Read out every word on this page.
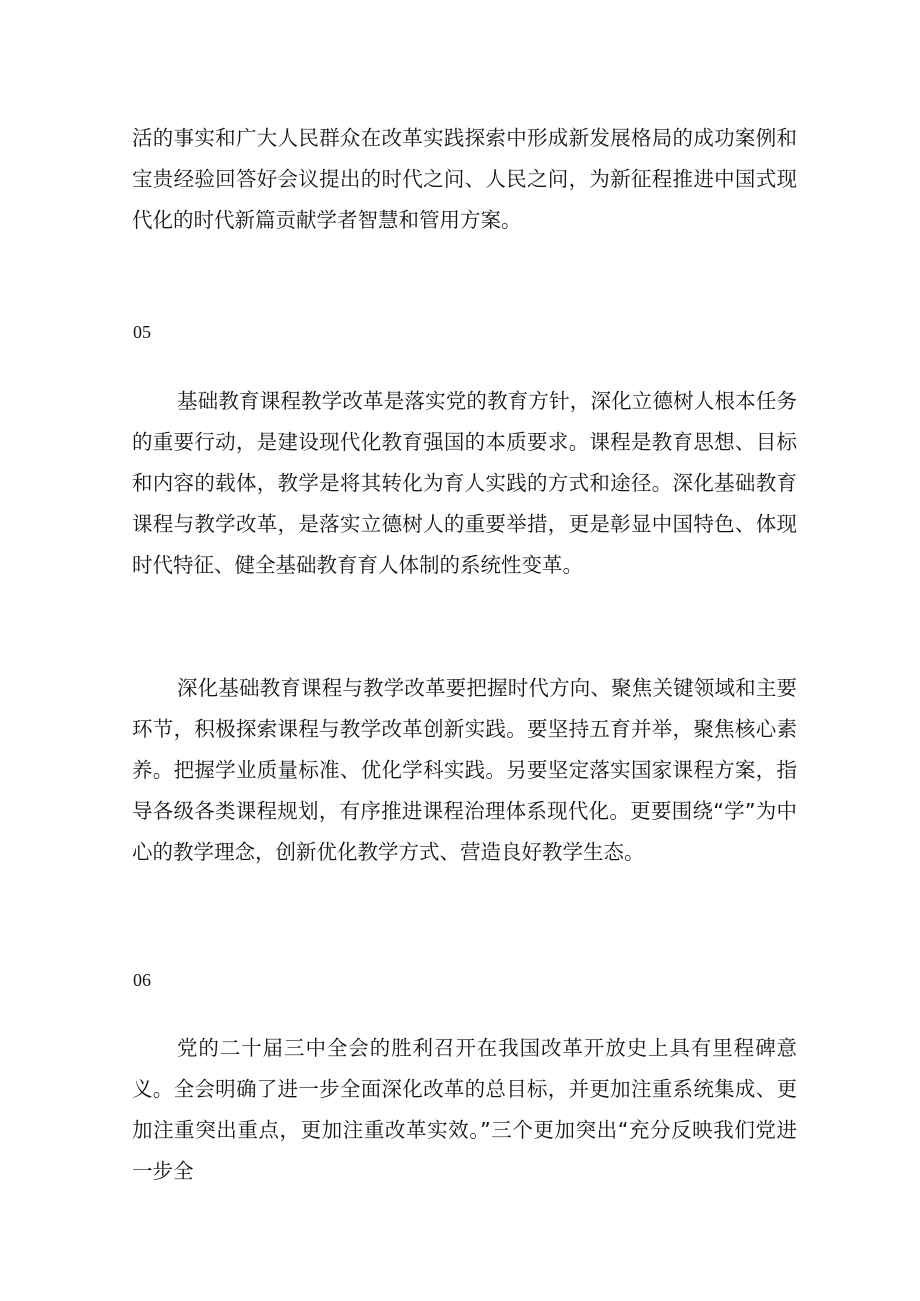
活的事实和广大人民群众在改革实践探索中形成新发展格局的成功案例和宝贵经验回答好会议提出的时代之问、人民之问，为新征程推进中国式现代化的时代新篇贡献学者智慧和管用方案。

05

基础教育课程教学改革是落实党的教育方针，深化立德树人根本任务的重要行动，是建设现代化教育强国的本质要求。课程是教育思想、目标和内容的载体，教学是将其转化为育人实践的方式和途径。深化基础教育课程与教学改革，是落实立德树人的重要举措，更是彰显中国特色、体现时代特征、健全基础教育育人体制的系统性变革。

深化基础教育课程与教学改革要把握时代方向、聚焦关键领域和主要环节，积极探索课程与教学改革创新实践。要坚持五育并举，聚焦核心素养。把握学业质量标准、优化学科实践。另要坚定落实国家课程方案，指导各级各类课程规划，有序推进课程治理体系现代化。更要围绕“学”为中心的教学理念，创新优化教学方式、营造良好教学生态。

06

党的二十届三中全会的胜利召开在我国改革开放史上具有里程碑意义。全会明确了进一步全面深化改革的总目标，并更加注重系统集成、更加注重突出重点，更加注重改革实效。”三个更加突出“充分反映我们党进一步全
